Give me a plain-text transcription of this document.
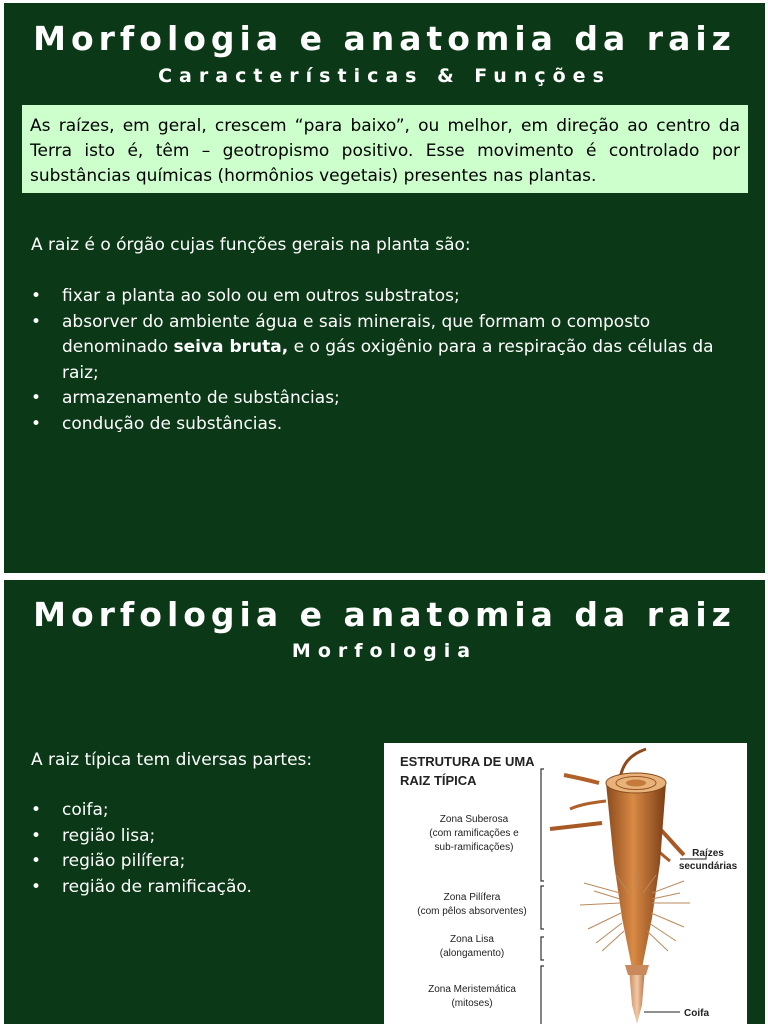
Morfologia e anatomia da raiz
Características & Funções
As raízes, em geral, crescem “para baixo”, ou melhor, em direção ao centro da Terra isto é, têm – geotropismo positivo. Esse movimento é controlado por substâncias químicas (hormônios vegetais) presentes nas plantas.
A raiz é o órgão cujas funções gerais na planta são:
• fixar a planta ao solo ou em outros substratos;
• absorver do ambiente água e sais minerais, que formam o composto denominado seiva bruta, e o gás oxigênio para a respiração das células da raiz;
• armazenamento de substâncias;
• condução de substâncias.
Morfologia e anatomia da raiz
Morfologia
A raiz típica tem diversas partes:
• coifa;
• região lisa;
• região pilífera;
• região de ramificação.
ESTRUTURA DE UMA
RAIZ TÍPICA
Zona Suberosa
(com ramificações e
sub-ramificações)
Zona Pilífera
(com pêlos absorventes)
Zona Lisa
(alongamento)
Zona Meristemática
(mitoses)
Raízes
secundárias
Coifa
